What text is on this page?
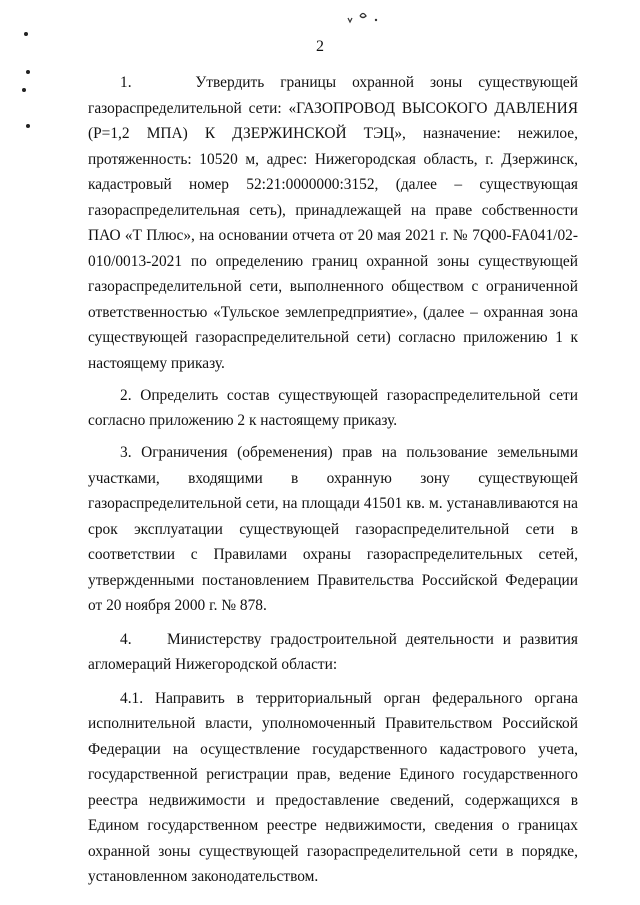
2

1.    Утвердить границы охранной зоны существующей газораспределительной сети: «ГАЗОПРОВОД ВЫСОКОГО ДАВЛЕНИЯ (Р=1,2 МПА) К ДЗЕРЖИНСКОЙ ТЭЦ», назначение: нежилое, протяженность: 10520 м, адрес: Нижегородская область, г. Дзержинск, кадастровый номер 52:21:0000000:3152, (далее – существующая газораспределительная сеть), принадлежащей на праве собственности ПАО «Т Плюс», на основании отчета от 20 мая 2021 г. № 7Q00-FA041/02-010/0013-2021 по определению границ охранной зоны существующей газораспределительной сети, выполненного обществом с ограниченной ответственностью «Тульское землепредприятие», (далее – охранная зона существующей газораспределительной сети) согласно приложению 1 к настоящему приказу.

2. Определить состав существующей газораспределительной сети согласно приложению 2 к настоящему приказу.

3. Ограничения (обременения) прав на пользование земельными участками, входящими в охранную зону существующей газораспределительной сети, на площади 41501 кв. м. устанавливаются на срок эксплуатации существующей газораспределительной сети в соответствии с Правилами охраны газораспределительных сетей, утвержденными постановлением Правительства Российской Федерации от 20 ноября 2000 г. № 878.

4.    Министерству градостроительной деятельности и развития агломераций Нижегородской области:

4.1. Направить в территориальный орган федерального органа исполнительной власти, уполномоченный Правительством Российской Федерации на осуществление государственного кадастрового учета, государственной регистрации прав, ведение Единого государственного реестра недвижимости и предоставление сведений, содержащихся в Едином государственном реестре недвижимости, сведения о границах охранной зоны существующей газораспределительной сети в порядке, установленном законодательством.
